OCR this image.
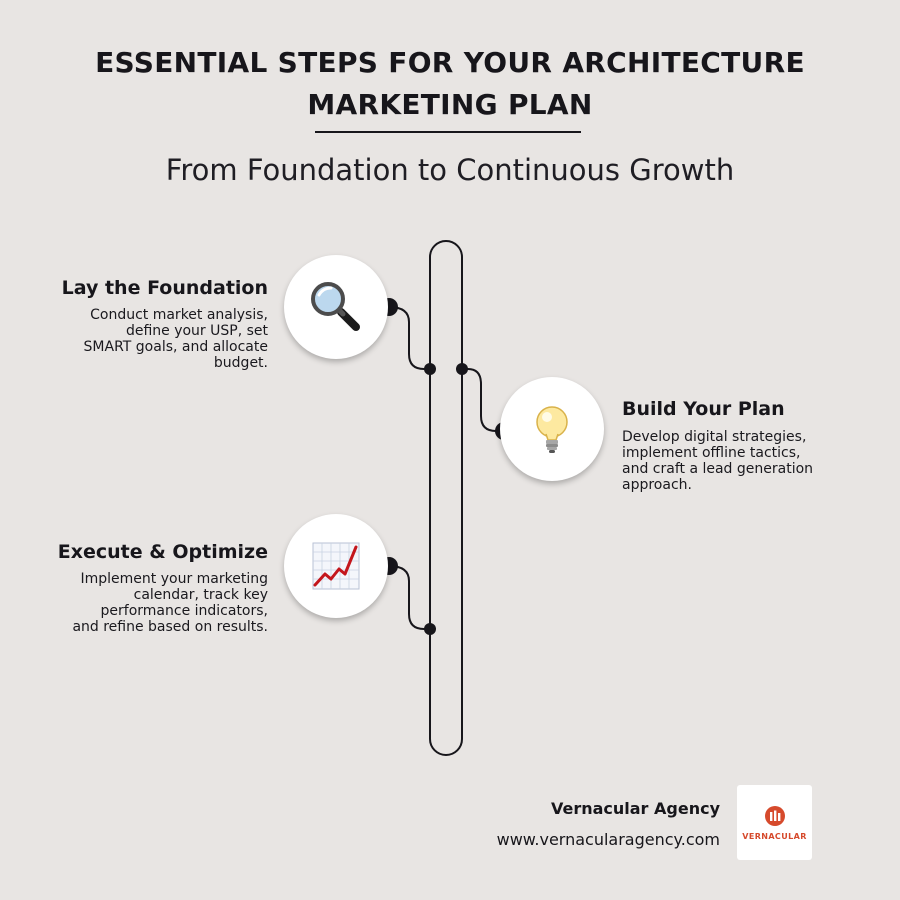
ESSENTIAL STEPS FOR YOUR ARCHITECTURE
MARKETING PLAN
From Foundation to Continuous Growth
Lay the Foundation
Conduct market analysis,
define your USP, set
SMART goals, and allocate
budget.
Build Your Plan
Develop digital strategies,
implement offline tactics,
and craft a lead generation
approach.
Execute & Optimize
Implement your marketing
calendar, track key
performance indicators,
and refine based on results.
Vernacular Agency
www.vernacularagency.com	VERNACULAR
